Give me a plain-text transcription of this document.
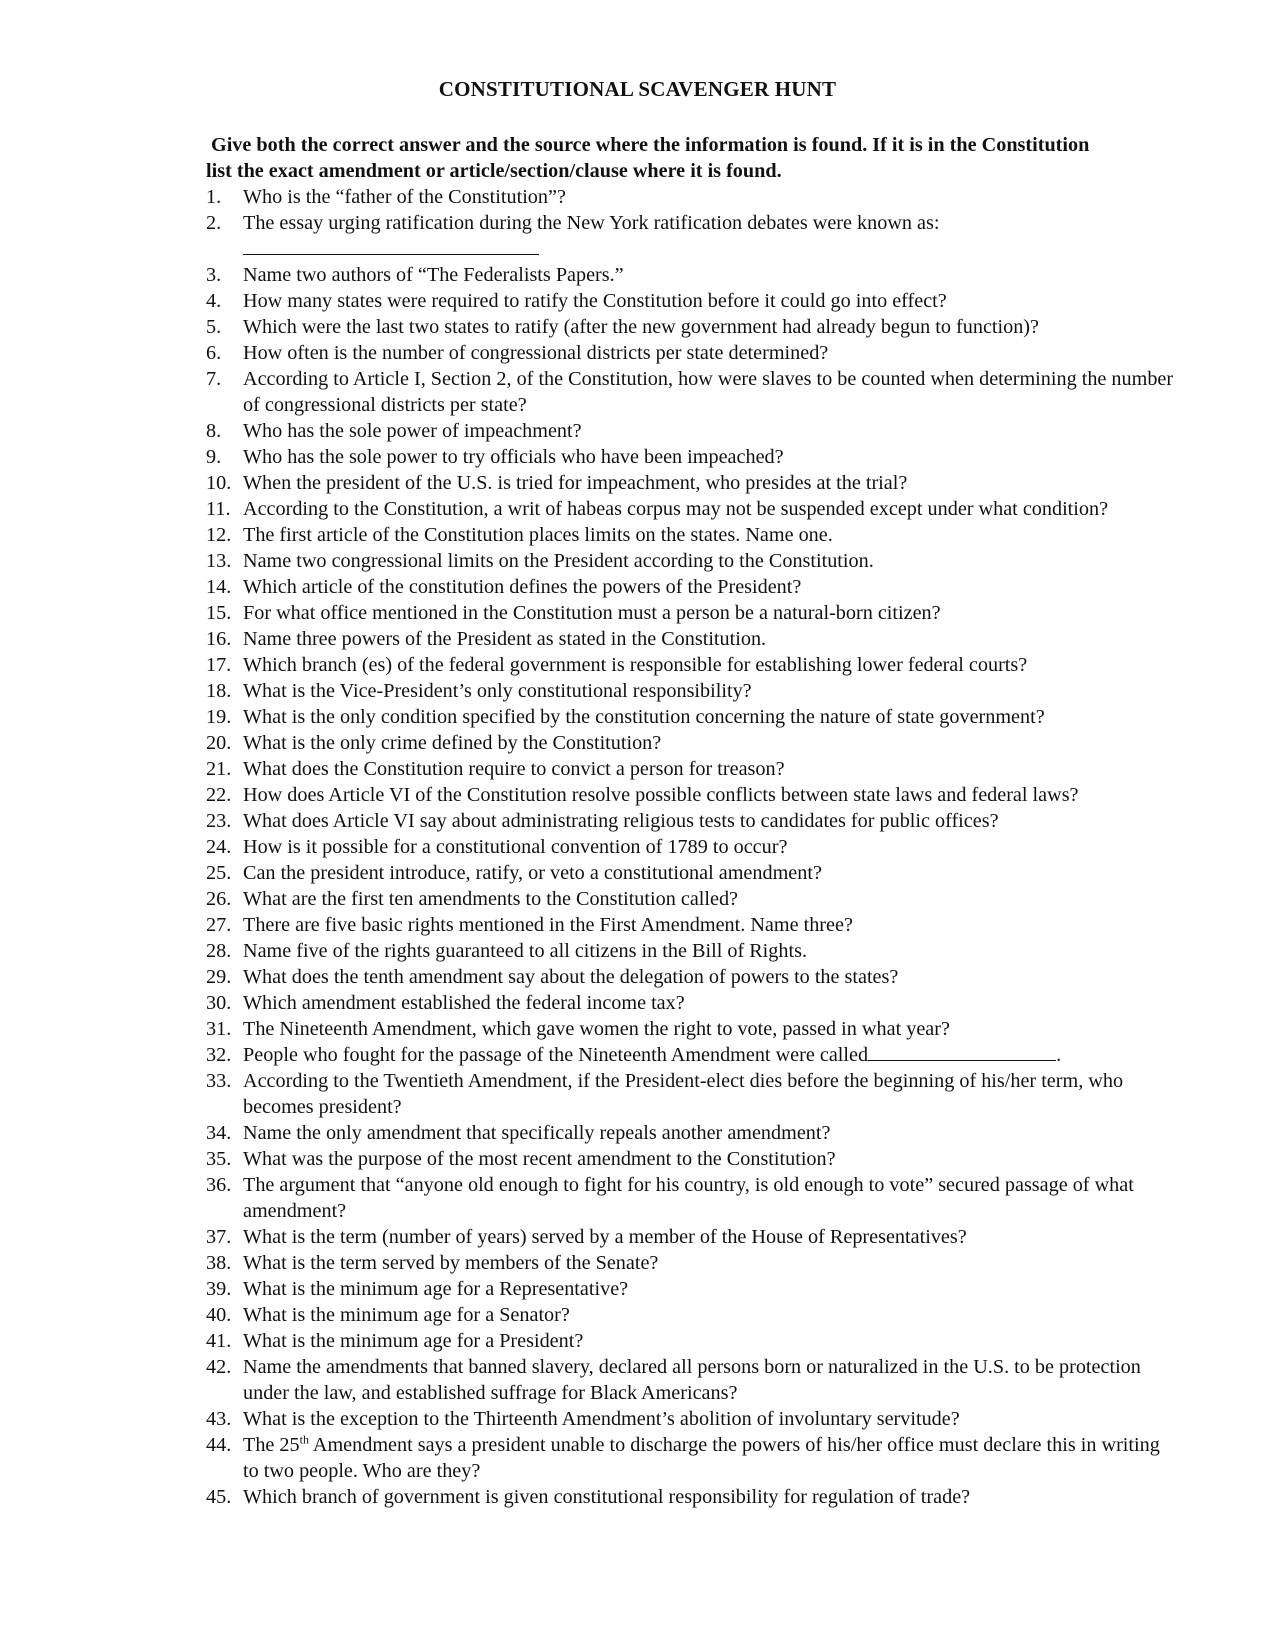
CONSTITUTIONAL SCAVENGER HUNT
Give both the correct answer and the source where the information is found. If it is in the Constitution
list the exact amendment or article/section/clause where it is found.
1. Who is the “father of the Constitution”?
2. The essay urging ratification during the New York ratification debates were known as:
3. Name two authors of “The Federalists Papers.”
4. How many states were required to ratify the Constitution before it could go into effect?
5. Which were the last two states to ratify (after the new government had already begun to function)?
6. How often is the number of congressional districts per state determined?
7. According to Article I, Section 2, of the Constitution, how were slaves to be counted when determining the number of congressional districts per state?
8. Who has the sole power of impeachment?
9. Who has the sole power to try officials who have been impeached?
10. When the president of the U.S. is tried for impeachment, who presides at the trial?
11. According to the Constitution, a writ of habeas corpus may not be suspended except under what condition?
12. The first article of the Constitution places limits on the states. Name one.
13. Name two congressional limits on the President according to the Constitution.
14. Which article of the constitution defines the powers of the President?
15. For what office mentioned in the Constitution must a person be a natural-born citizen?
16. Name three powers of the President as stated in the Constitution.
17. Which branch (es) of the federal government is responsible for establishing lower federal courts?
18. What is the Vice-President’s only constitutional responsibility?
19. What is the only condition specified by the constitution concerning the nature of state government?
20. What is the only crime defined by the Constitution?
21. What does the Constitution require to convict a person for treason?
22. How does Article VI of the Constitution resolve possible conflicts between state laws and federal laws?
23. What does Article VI say about administrating religious tests to candidates for public offices?
24. How is it possible for a constitutional convention of 1789 to occur?
25. Can the president introduce, ratify, or veto a constitutional amendment?
26. What are the first ten amendments to the Constitution called?
27. There are five basic rights mentioned in the First Amendment. Name three?
28. Name five of the rights guaranteed to all citizens in the Bill of Rights.
29. What does the tenth amendment say about the delegation of powers to the states?
30. Which amendment established the federal income tax?
31. The Nineteenth Amendment, which gave women the right to vote, passed in what year?
32. People who fought for the passage of the Nineteenth Amendment were called	.
33. According to the Twentieth Amendment, if the President-elect dies before the beginning of his/her term, who becomes president?
34. Name the only amendment that specifically repeals another amendment?
35. What was the purpose of the most recent amendment to the Constitution?
36. The argument that “anyone old enough to fight for his country, is old enough to vote” secured passage of what amendment?
37. What is the term (number of years) served by a member of the House of Representatives?
38. What is the term served by members of the Senate?
39. What is the minimum age for a Representative?
40. What is the minimum age for a Senator?
41. What is the minimum age for a President?
42. Name the amendments that banned slavery, declared all persons born or naturalized in the U.S. to be protection under the law, and established suffrage for Black Americans?
43. What is the exception to the Thirteenth Amendment’s abolition of involuntary servitude?
44. The 25th Amendment says a president unable to discharge the powers of his/her office must declare this in writing to two people. Who are they?
45. Which branch of government is given constitutional responsibility for regulation of trade?
